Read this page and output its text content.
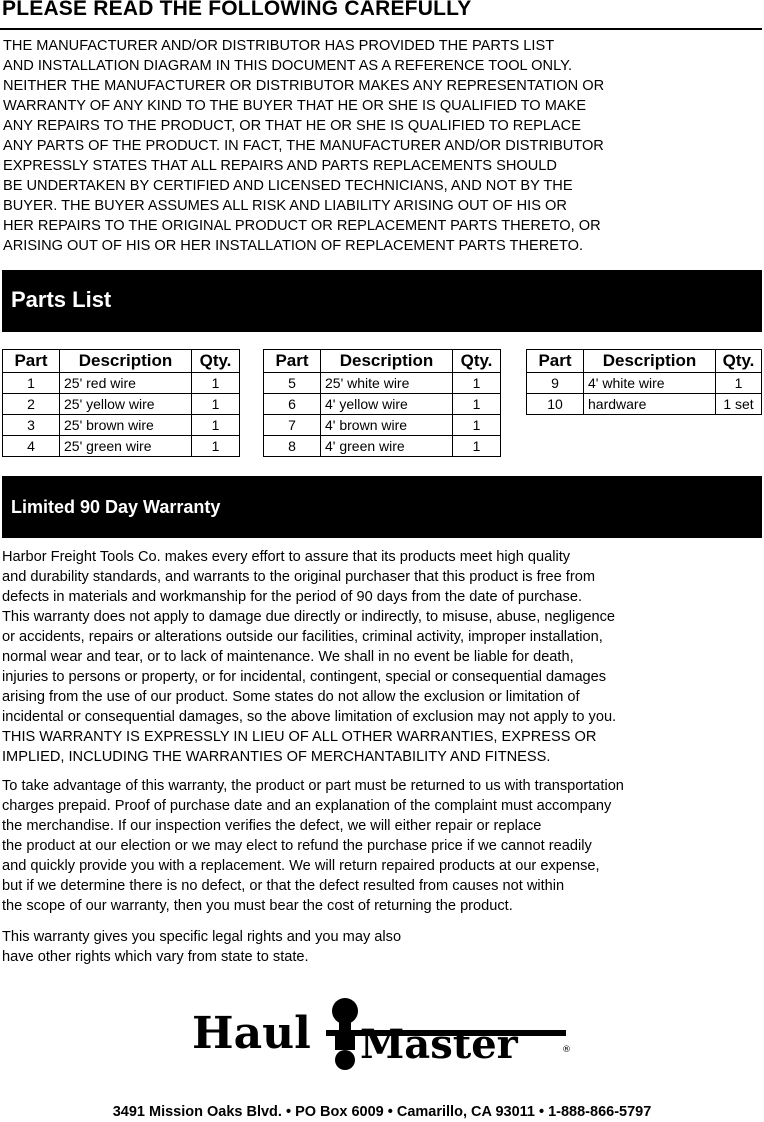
PLEASE READ THE FOLLOWING CAREFULLY
THE MANUFACTURER AND/OR DISTRIBUTOR HAS PROVIDED THE PARTS LIST
AND INSTALLATION DIAGRAM IN THIS DOCUMENT AS A REFERENCE TOOL ONLY.
NEITHER THE MANUFACTURER OR DISTRIBUTOR MAKES ANY REPRESENTATION OR
WARRANTY OF ANY KIND TO THE BUYER THAT HE OR SHE IS QUALIFIED TO MAKE
ANY REPAIRS TO THE PRODUCT, OR THAT HE OR SHE IS QUALIFIED TO REPLACE
ANY PARTS OF THE PRODUCT. IN FACT, THE MANUFACTURER AND/OR DISTRIBUTOR
EXPRESSLY STATES THAT ALL REPAIRS AND PARTS REPLACEMENTS SHOULD
BE UNDERTAKEN BY CERTIFIED AND LICENSED TECHNICIANS, AND NOT BY THE
BUYER. THE BUYER ASSUMES ALL RISK AND LIABILITY ARISING OUT OF HIS OR
HER REPAIRS TO THE ORIGINAL PRODUCT OR REPLACEMENT PARTS THERETO, OR
ARISING OUT OF HIS OR HER INSTALLATION OF REPLACEMENT PARTS THERETO.
Parts List
Part	Description	Qty.
1	25' red wire	1
2	25' yellow wire	1
3	25' brown wire	1
4	25' green wire	1
Part	Description	Qty.
5	25' white wire	1
6	4' yellow wire	1
7	4' brown wire	1
8	4' green wire	1
Part	Description	Qty.
9	4' white wire	1
10	hardware	1 set
Limited 90 Day Warranty
Harbor Freight Tools Co. makes every effort to assure that its products meet high quality
and durability standards, and warrants to the original purchaser that this product is free from
defects in materials and workmanship for the period of 90 days from the date of purchase.
This warranty does not apply to damage due directly or indirectly, to misuse, abuse, negligence
or accidents, repairs or alterations outside our facilities, criminal activity, improper installation,
normal wear and tear, or to lack of maintenance. We shall in no event be liable for death,
injuries to persons or property, or for incidental, contingent, special or consequential damages
arising from the use of our product. Some states do not allow the exclusion or limitation of
incidental or consequential damages, so the above limitation of exclusion may not apply to you.
THIS WARRANTY IS EXPRESSLY IN LIEU OF ALL OTHER WARRANTIES, EXPRESS OR
IMPLIED, INCLUDING THE WARRANTIES OF MERCHANTABILITY AND FITNESS.
To take advantage of this warranty, the product or part must be returned to us with transportation
charges prepaid. Proof of purchase date and an explanation of the complaint must accompany
the merchandise. If our inspection verifies the defect, we will either repair or replace
the product at our election or we may elect to refund the purchase price if we cannot readily
and quickly provide you with a replacement. We will return repaired products at our expense,
but if we determine there is no defect, or that the defect resulted from causes not within
the scope of our warranty, then you must bear the cost of returning the product.
This warranty gives you specific legal rights and you may also
have other rights which vary from state to state.
Haul Master	®
3491 Mission Oaks Blvd. • PO Box 6009 • Camarillo, CA 93011 • 1-888-866-5797
